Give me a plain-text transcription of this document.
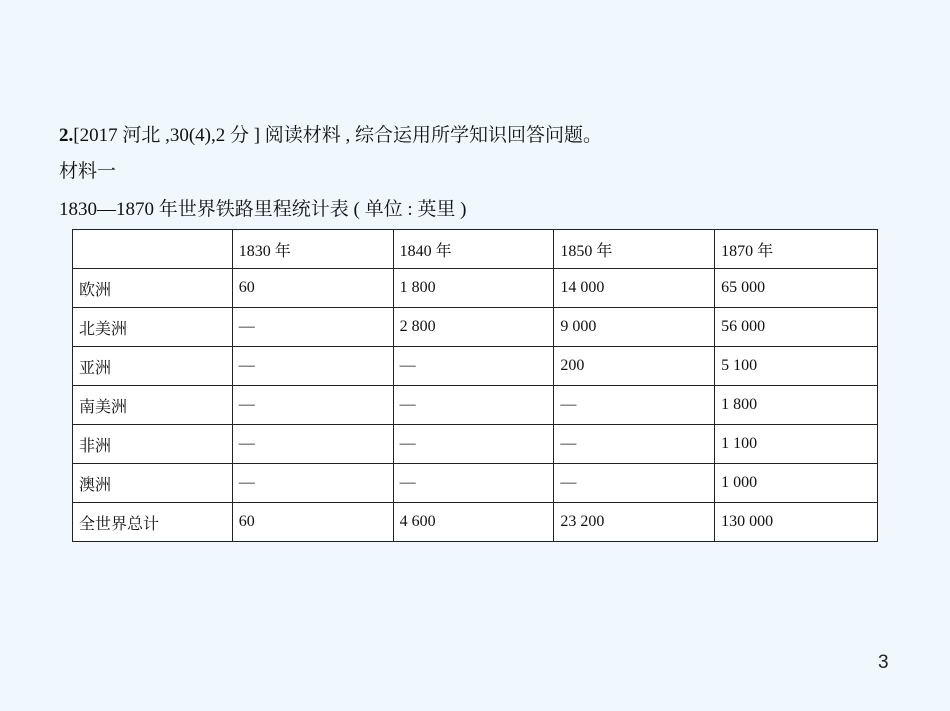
2.[2017 河北 ,30(4),2 分 ] 阅读材料 , 综合运用所学知识回答问题。
材料一
1830—1870 年世界铁路里程统计表 ( 单位 : 英里 )
	1830 年	1840 年	1850 年	1870 年
欧洲	60	1 800	14 000	65 000
北美洲	—	2 800	9 000	56 000
亚洲	—	—	200	5 100
南美洲	—	—	—	1 800
非洲	—	—	—	1 100
澳洲	—	—	—	1 000
全世界总计	60	4 600	23 200	130 000
3
